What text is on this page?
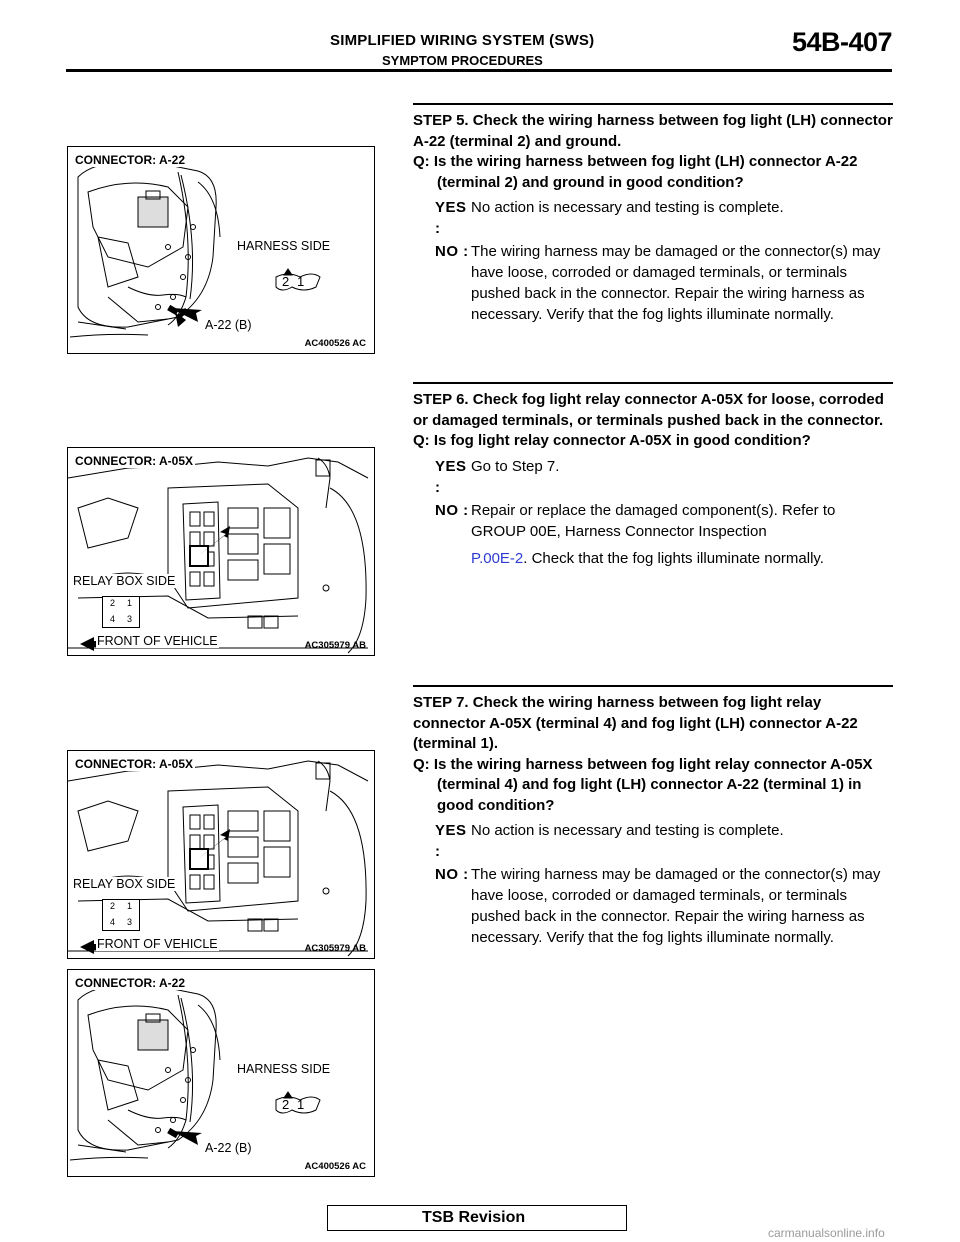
SIMPLIFIED WIRING SYSTEM (SWS)
SYMPTOM PROCEDURES
54B-407

STEP 5. Check the wiring harness between fog light (LH) connector A-22 (terminal 2) and ground.

Q: Is the wiring harness between fog light (LH) connector A-22 (terminal 2) and ground in good condition?

YES :
No action is necessary and testing is complete.
NO : The wiring harness may be damaged or the connector(s) may have loose, corroded or damaged terminals, or terminals pushed back in the connector. Repair the wiring harness as necessary. Verify that the fog lights illuminate normally.

STEP 6. Check fog light relay connector A-05X for loose, corroded or damaged terminals, or terminals pushed back in the connector.

Q: Is fog light relay connector A-05X in good condition?

YES :
Go to Step 7.
NO : Repair or replace the damaged component(s). Refer to GROUP 00E, Harness Connector Inspection
P.00E-2. Check that the fog lights illuminate normally.

STEP 7. Check the wiring harness between fog light relay connector A-05X (terminal 4) and fog light (LH) connector A-22 (terminal 1).

Q: Is the wiring harness between fog light relay connector A-05X (terminal 4) and fog light (LH) connector A-22 (terminal 1) in good condition?

YES :
No action is necessary and testing is complete.
NO : The wiring harness may be damaged or the connector(s) may have loose, corroded or damaged terminals, or terminals pushed back in the connector. Repair the wiring harness as necessary. Verify that the fog lights illuminate normally.
CONNECTOR: A-22
HARNESS SIDE
2 1
A-22 (B)
AC400526 AC
CONNECTOR: A-05X
RELAY BOX SIDE
2 1
4 3
FRONT OF VEHICLE	AC305979 AB
CONNECTOR: A-05X
RELAY BOX SIDE
2 1
4 3
FRONT OF VEHICLE	AC305979 AB
CONNECTOR: A-22
HARNESS SIDE
2 1
A-22 (B)
AC400526 AC
TSB Revision
carmanualsonline.info
